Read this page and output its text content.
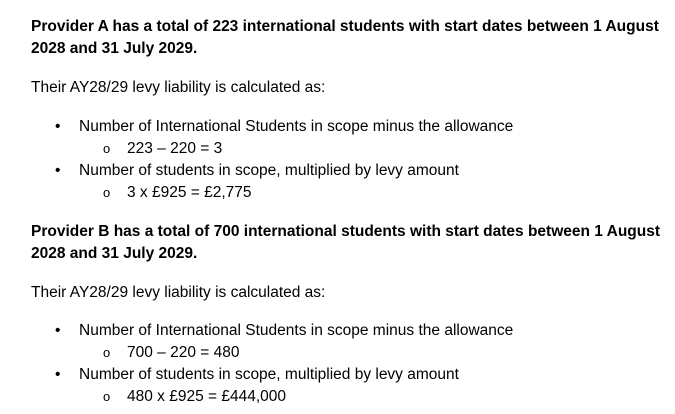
Provider A has a total of 223 international students with start dates between 1 August 2028 and 31 July 2029.

Their AY28/29 levy liability is calculated as:

• Number of International Students in scope minus the allowance
o 223 – 220 = 3
• Number of students in scope, multiplied by levy amount
o 3 x £925 = £2,775

Provider B has a total of 700 international students with start dates between 1 August 2028 and 31 July 2029.

Their AY28/29 levy liability is calculated as:

• Number of International Students in scope minus the allowance
o 700 – 220 = 480
• Number of students in scope, multiplied by levy amount
o 480 x £925 = £444,000
